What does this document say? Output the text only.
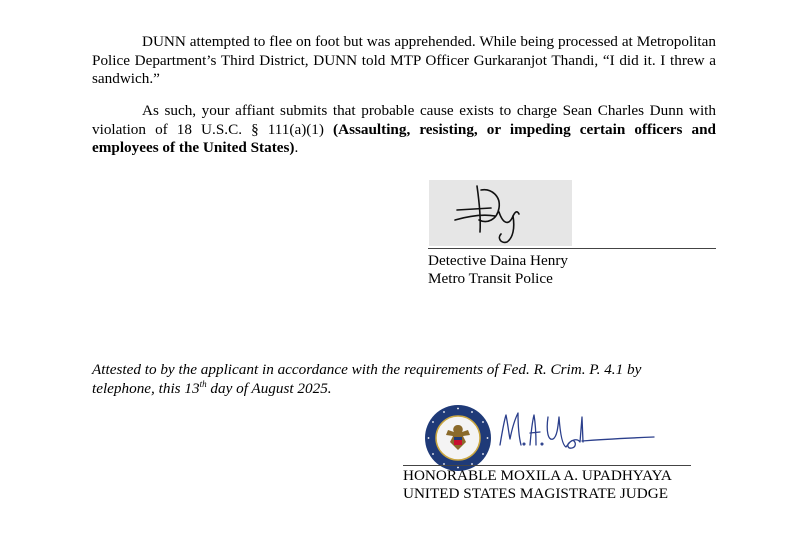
DUNN attempted to flee on foot but was apprehended. While being processed at Metropolitan Police Department’s Third District, DUNN told MTP Officer Gurkaranjot Thandi, “I did it. I threw a sandwich.”

As such, your affiant submits that probable cause exists to charge Sean Charles Dunn with violation of 18 U.S.C. § 111(a)(1) (Assaulting, resisting, or impeding certain officers and employees of the United States).

Detective Daina Henry

Metro Transit Police

Attested to by the applicant in accordance with the requirements of Fed. R. Crim. P. 4.1 by telephone, this 13th day of August 2025.

HONORABLE MOXILA A. UPADHYAYA

UNITED STATES MAGISTRATE JUDGE
